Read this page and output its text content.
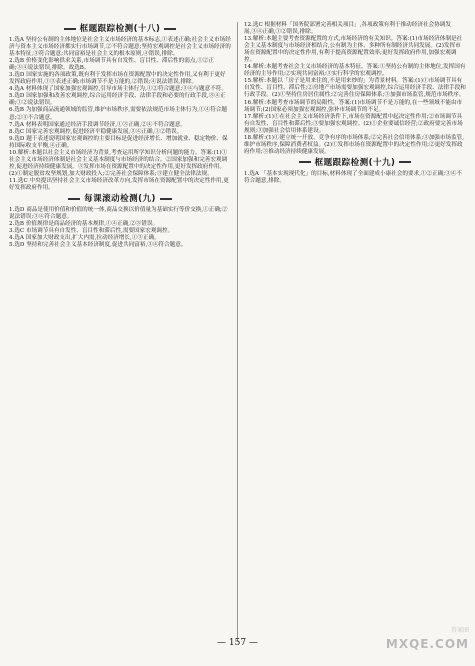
框题跟踪检测(十八)

1.选A 坚持公有制的主体地位是社会主义市场经济的基本标志,①表述正确;社会主义市场经济与资本主义市场经济都实行市场调节,②不符合题意;坚持宏观调控是社会主义市场经济的基本特征,③符合题意;共同富裕是社会主义的根本原则,④错误,排除。

2.选B 价格变化影响供求关系,市场调节具有自发性、盲目性、滞后性的弱点,①②正确;③④说法错误,排除。故选B。

3.选D 国家实施的各项政策,既有利于发挥市场在资源配置中的决定性作用,又有利于更好发挥政府作用,①③表述正确;市场调节不是万能的,②错误;④说法错误,排除。

4.选A 材料体现了国家加强宏观调控,引导市场主体行为,①②符合题意;③④与题意不符。

5.选D 国家加强和改善宏观调控,综合运用经济手段、法律手段和必要的行政手段,③④正确;①②说法错误。

6.选B 为加强商品流通领域的监管,维护市场秩序,需要依法规范市场主体行为,①④符合题意;②③不合题意。

7.选A 材料表明国家通过经济手段调节经济,①③正确,②④不符合题意。

8.选C 国家完善宏观调控,促进经济平稳健康发展,③④正确,①②错误。

9.选D 题干表述说明国家宏观调控的主要目标是促进经济增长、增加就业、稳定物价、保持国际收支平衡,④正确。

10.解析:本题以社会主义市场经济为背景,考查运用所学知识分析问题的能力。答案:(1)①社会主义市场经济体制是社会主义基本制度与市场经济的结合。②国家加强和完善宏观调控,促进经济持续健康发展。③发挥市场在资源配置中的决定性作用,更好发挥政府作用。(2)①制定脱贫攻坚规划,加大财政投入;②完善社会保障体系;③建立健全法律法规。

11.选C 中央提出坚持社会主义市场经济改革方向,发挥市场在资源配置中的决定性作用,更好发挥政府作用。

每课滚动检测(九)

1.选D 商品是使用价值和价值的统一体,商品交换以价值量为基础实行等价交换,①正确;②说法错误;③④符合题意。

2.选B 价值规律是商品经济的基本规律,①④正确,②③错误。

3.选C 市场调节具有自发性、盲目性和滞后性,需要国家宏观调控。

4.选A 国家加大财政支出,扩大内需,拉动经济增长,①③正确。

5.选D 坚持和完善社会主义基本经济制度,促进共同富裕,③④符合题意。

12.选C 根据材料「国务院部署完善相关项目」,各项政策有利于推动经济社会协调发展,③④正确,①②错误,排除。

13.解析:本题主要考查资源配置的方式,市场经济的有关知识。答案:(1)市场经济体制是社会主义基本制度与市场经济相结合,公有制为主体、多种所有制经济共同发展。(2)发挥市场在资源配置中的决定性作用,有利于提高资源配置效率;更好发挥政府作用,加强宏观调控。

14.解析:本题考查社会主义市场经济的基本特征。答案:①坚持公有制的主体地位,发挥国有经济的主导作用;②实现共同富裕;③实行科学的宏观调控。

15.解析:本题以「房子是用来住的,不是用来炒的」为背景材料。答案:(1)①市场调节具有自发性、盲目性、滞后性;②房地产市场需要加强宏观调控,综合运用经济手段、法律手段和行政手段。(2)①坚持住房居住属性;②完善住房保障体系;③加强市场监管,规范市场秩序。

16.解析:本题考查市场调节的局限性。答案:(1)市场调节不是万能的,在一些领域不能由市场调节;(2)国家必须加强宏观调控,弥补市场调节的不足。

17.解析:(1)①在社会主义市场经济条件下,市场在资源配置中起决定性作用;②市场调节具有自发性、盲目性和滞后性;③要加强宏观调控。(2)①企业要诚信经营;②政府要完善市场规则;③加强社会信用体系建设。

18.解析:(1)①建立统一开放、竞争有序的市场体系;②完善社会信用体系;③加强市场监管,维护市场秩序,保障消费者权益。(2)①发挥市场在资源配置中的决定性作用;②更好发挥政府作用;③推动经济持续健康发展。

框题跟踪检测(十九)

1.选A 「基本实现现代化」的目标,材料体现了全面建成小康社会的要求,①②正确;③④不符合题意,排除。

— 157 —
答案圈
MXQE.COM
